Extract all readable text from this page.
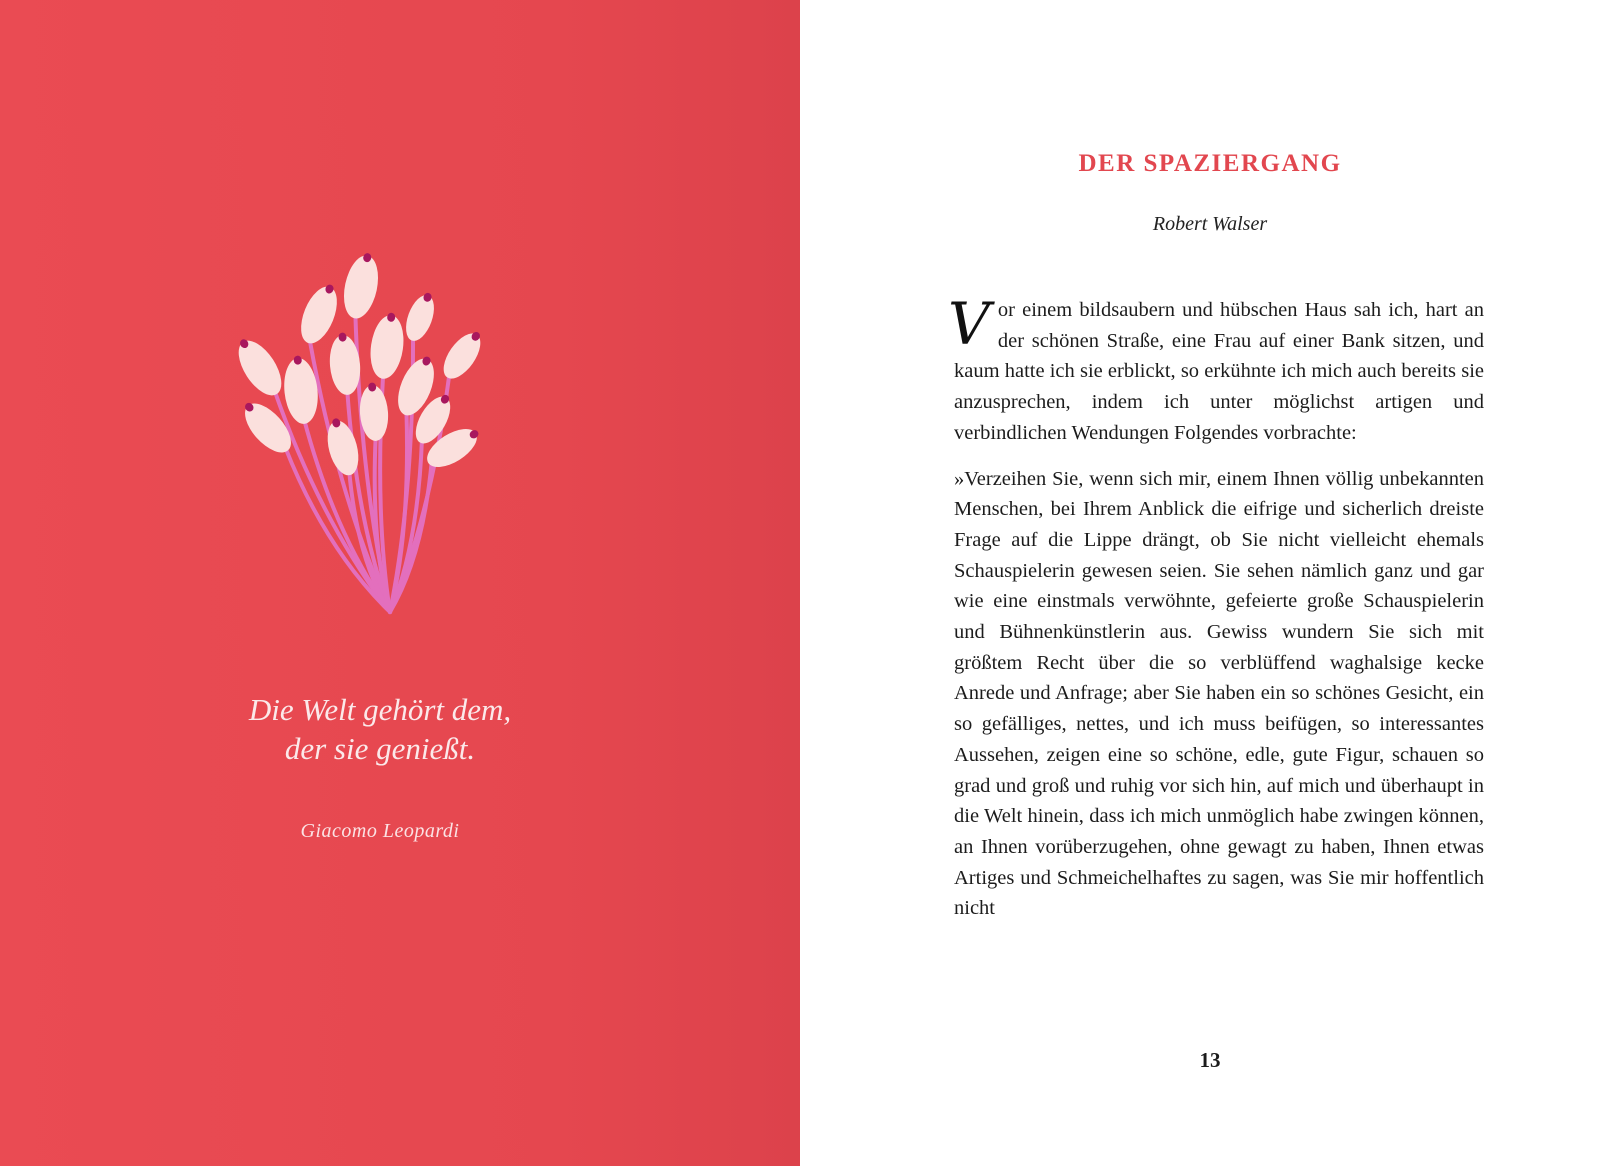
Die Welt gehört dem,
der sie genießt.
Giacomo Leopardi
DER SPAZIERGANG
Robert Walser

Vor einem bildsaubern und hübschen Haus sah ich, hart an der schönen Straße, eine Frau auf einer Bank sitzen, und kaum hatte ich sie erblickt, so erkühnte ich mich auch bereits sie anzusprechen, indem ich unter möglichst artigen und verbindlichen Wendungen Folgendes vorbrachte:

»Verzeihen Sie, wenn sich mir, einem Ihnen völlig unbekannten Menschen, bei Ihrem Anblick die eifrige und sicherlich dreiste Frage auf die Lippe drängt, ob Sie nicht vielleicht ehemals Schauspielerin gewesen seien. Sie sehen nämlich ganz und gar wie eine einstmals verwöhnte, gefeierte große Schauspielerin und Bühnenkünstlerin aus. Gewiss wundern Sie sich mit größtem Recht über die so verblüffend waghalsige kecke Anrede und Anfrage; aber Sie haben ein so schönes Gesicht, ein so gefälliges, nettes, und ich muss beifügen, so interessantes Aussehen, zeigen eine so schöne, edle, gute Figur, schauen so grad und groß und ruhig vor sich hin, auf mich und überhaupt in die Welt hinein, dass ich mich unmöglich habe zwingen können, an Ihnen vorüberzugehen, ohne gewagt zu haben, Ihnen etwas Artiges und Schmeichelhaftes zu sagen, was Sie mir hoffentlich nicht

13
